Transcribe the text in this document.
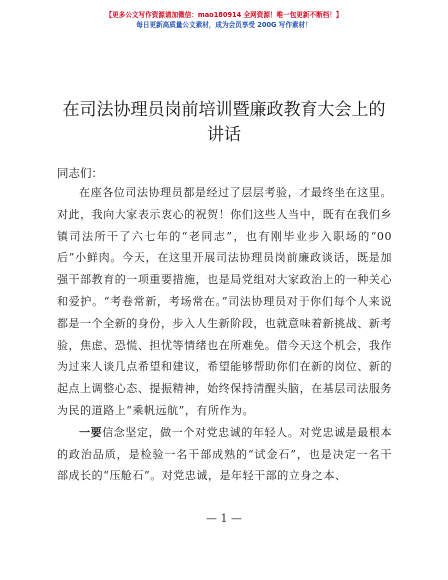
【更多公文写作资源请加微信：mao180914 全网资源！唯一包更新不断档！】
每日更新高质量公文素材，成为会员享受 200G 写作素材！
在司法协理员岗前培训暨廉政教育大会上的讲话
同志们：

在座各位司法协理员都是经过了层层考验，才最终坐在这里。对此，我向大家表示衷心的祝贺！你们这些人当中，既有在我们乡镇司法所干了六七年的“老同志”，也有刚毕业步入职场的“00后”小鲜肉。今天，在这里开展司法协理员岗前廉政谈话，既是加强干部教育的一项重要措施，也是局党组对大家政治上的一种关心和爱护。“考卷常新，考场常在。”司法协理员对于你们每个人来说都是一个全新的身份，步入人生新阶段，也就意味着新挑战、新考验，焦虑、恐慌、担忧等情绪也在所难免。借今天这个机会，我作为过来人谈几点希望和建议，希望能够帮助你们在新的岗位、新的起点上调整心态、提振精神，始终保持清醒头脑，在基层司法服务为民的道路上“乘帆远航”，有所作为。

一要信念坚定，做一个对党忠诚的年轻人。对党忠诚是最根本的政治品质，是检验一名干部成熟的“试金石”，也是决定一名干部成长的“压舱石”。对党忠诚，是年轻干部的立身之本、

— 1 —
